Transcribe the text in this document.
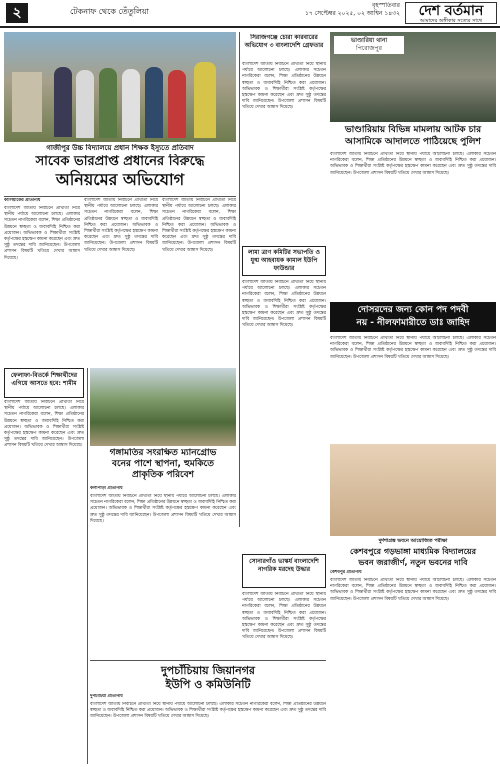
২	টেকনাফ থেকে তেঁতুলিয়া
বৃহস্পতিবার
১৭ সেপ্টেম্বর ২০২৫, ০২ আশ্বিন ১৪৩২	দেশ বর্তমান
আমাদের অঙ্গীকার সত্যের সাথে
গাজীপুর উচ্চ বিদ্যালয়ে প্রধান শিক্ষক ইস্যুতে প্রতিবাদ
সাবেক ভারপ্রাপ্ত প্রধানের বিরুদ্ধে
অনিয়মের অভিযোগ
কালিয়াকৈর প্রতিনিধি
বাংলাদেশ জাতীয় নির্বাচনে প্রার্থীতা নিয়ে স্থানীয় পর্যায়ে আলোচনা চলছে। এলাকার সচেতন নাগরিকেরা বলেন, শিক্ষা প্রতিষ্ঠানের উন্নয়নে স্বচ্ছতা ও জবাবদিহি নিশ্চিত করা প্রয়োজন। অভিভাবক ও শিক্ষার্থীরা সংশ্লিষ্ট কর্তৃপক্ষের হস্তক্ষেপ কামনা করেছেন এবং দ্রুত সুষ্ঠু তদন্তের দাবি জানিয়েছেন। উপজেলা প্রশাসন বিষয়টি খতিয়ে দেখার আশ্বাস দিয়েছে।
বাংলাদেশ জাতীয় নির্বাচনে প্রার্থীতা নিয়ে স্থানীয় পর্যায়ে আলোচনা চলছে। এলাকার সচেতন নাগরিকেরা বলেন, শিক্ষা প্রতিষ্ঠানের উন্নয়নে স্বচ্ছতা ও জবাবদিহি নিশ্চিত করা প্রয়োজন। অভিভাবক ও শিক্ষার্থীরা সংশ্লিষ্ট কর্তৃপক্ষের হস্তক্ষেপ কামনা করেছেন এবং দ্রুত সুষ্ঠু তদন্তের দাবি জানিয়েছেন। উপজেলা প্রশাসন বিষয়টি খতিয়ে দেখার আশ্বাস দিয়েছে।
বাংলাদেশ জাতীয় নির্বাচনে প্রার্থীতা নিয়ে স্থানীয় পর্যায়ে আলোচনা চলছে। এলাকার সচেতন নাগরিকেরা বলেন, শিক্ষা প্রতিষ্ঠানের উন্নয়নে স্বচ্ছতা ও জবাবদিহি নিশ্চিত করা প্রয়োজন। অভিভাবক ও শিক্ষার্থীরা সংশ্লিষ্ট কর্তৃপক্ষের হস্তক্ষেপ কামনা করেছেন এবং দ্রুত সুষ্ঠু তদন্তের দাবি জানিয়েছেন। উপজেলা প্রশাসন বিষয়টি খতিয়ে দেখার আশ্বাস দিয়েছে।
ফেলাফা-বিতর্কে শিক্ষার্থীদের এগিয়ে আসতে হবে: শামীম
বাংলাদেশ জাতীয় নির্বাচনে প্রার্থীতা নিয়ে স্থানীয় পর্যায়ে আলোচনা চলছে। এলাকার সচেতন নাগরিকেরা বলেন, শিক্ষা প্রতিষ্ঠানের উন্নয়নে স্বচ্ছতা ও জবাবদিহি নিশ্চিত করা প্রয়োজন। অভিভাবক ও শিক্ষার্থীরা সংশ্লিষ্ট কর্তৃপক্ষের হস্তক্ষেপ কামনা করেছেন এবং দ্রুত সুষ্ঠু তদন্তের দাবি জানিয়েছেন। উপজেলা প্রশাসন বিষয়টি খতিয়ে দেখার আশ্বাস দিয়েছে।
গঙ্গামতির সংরক্ষিত ম্যানগ্রোভ
বনের পাশে স্থাপনা, হুমকিতে
প্রাকৃতিক পরিবেশ
কলাপাড়া প্রতিনিধি
বাংলাদেশ জাতীয় নির্বাচনে প্রার্থীতা নিয়ে স্থানীয় পর্যায়ে আলোচনা চলছে। এলাকার সচেতন নাগরিকেরা বলেন, শিক্ষা প্রতিষ্ঠানের উন্নয়নে স্বচ্ছতা ও জবাবদিহি নিশ্চিত করা প্রয়োজন। অভিভাবক ও শিক্ষার্থীরা সংশ্লিষ্ট কর্তৃপক্ষের হস্তক্ষেপ কামনা করেছেন এবং দ্রুত সুষ্ঠু তদন্তের দাবি জানিয়েছেন। উপজেলা প্রশাসন বিষয়টি খতিয়ে দেখার আশ্বাস দিয়েছে।
সিরাজগঞ্জে চোরা কারবারের অভিযোগ ৩ বাংলাদেশি গ্রেফতার
বাংলাদেশ জাতীয় নির্বাচনে প্রার্থীতা নিয়ে স্থানীয় পর্যায়ে আলোচনা চলছে। এলাকার সচেতন নাগরিকেরা বলেন, শিক্ষা প্রতিষ্ঠানের উন্নয়নে স্বচ্ছতা ও জবাবদিহি নিশ্চিত করা প্রয়োজন। অভিভাবক ও শিক্ষার্থীরা সংশ্লিষ্ট কর্তৃপক্ষের হস্তক্ষেপ কামনা করেছেন এবং দ্রুত সুষ্ঠু তদন্তের দাবি জানিয়েছেন। উপজেলা প্রশাসন বিষয়টি খতিয়ে দেখার আশ্বাস দিয়েছে।
ভাণ্ডারিয়া থানা
পিরোজপুর
ভাণ্ডারিয়ায় বিভিন্ন মামলায় আটক চার
আসামিকে আদালতে পাঠিয়েছে পুলিশ
বাংলাদেশ জাতীয় নির্বাচনে প্রার্থীতা নিয়ে স্থানীয় পর্যায়ে আলোচনা চলছে। এলাকার সচেতন নাগরিকেরা বলেন, শিক্ষা প্রতিষ্ঠানের উন্নয়নে স্বচ্ছতা ও জবাবদিহি নিশ্চিত করা প্রয়োজন। অভিভাবক ও শিক্ষার্থীরা সংশ্লিষ্ট কর্তৃপক্ষের হস্তক্ষেপ কামনা করেছেন এবং দ্রুত সুষ্ঠু তদন্তের দাবি জানিয়েছেন। উপজেলা প্রশাসন বিষয়টি খতিয়ে দেখার আশ্বাস দিয়েছে।
লামা ত্রাণ কমিটির সভাপতি ও যুগ্ম আহবায়ক কামাল ইউপি ফাউন্ডার
বাংলাদেশ জাতীয় নির্বাচনে প্রার্থীতা নিয়ে স্থানীয় পর্যায়ে আলোচনা চলছে। এলাকার সচেতন নাগরিকেরা বলেন, শিক্ষা প্রতিষ্ঠানের উন্নয়নে স্বচ্ছতা ও জবাবদিহি নিশ্চিত করা প্রয়োজন। অভিভাবক ও শিক্ষার্থীরা সংশ্লিষ্ট কর্তৃপক্ষের হস্তক্ষেপ কামনা করেছেন এবং দ্রুত সুষ্ঠু তদন্তের দাবি জানিয়েছেন। উপজেলা প্রশাসন বিষয়টি খতিয়ে দেখার আশ্বাস দিয়েছে।
দোসরদের জন্য কোন পদ পদবী
নয় - নীলফামারীতে ডাঃ জাহিদ
বাংলাদেশ জাতীয় নির্বাচনে প্রার্থীতা নিয়ে স্থানীয় পর্যায়ে আলোচনা চলছে। এলাকার সচেতন নাগরিকেরা বলেন, শিক্ষা প্রতিষ্ঠানের উন্নয়নে স্বচ্ছতা ও জবাবদিহি নিশ্চিত করা প্রয়োজন। অভিভাবক ও শিক্ষার্থীরা সংশ্লিষ্ট কর্তৃপক্ষের হস্তক্ষেপ কামনা করেছেন এবং দ্রুত সুষ্ঠু তদন্তের দাবি জানিয়েছেন। উপজেলা প্রশাসন বিষয়টি খতিয়ে দেখার আশ্বাস দিয়েছে।
সোনারগাঁও ভাস্কর্য বাংলাদেশি নাগরিক মরদেহ উদ্ধার
বাংলাদেশ জাতীয় নির্বাচনে প্রার্থীতা নিয়ে স্থানীয় পর্যায়ে আলোচনা চলছে। এলাকার সচেতন নাগরিকেরা বলেন, শিক্ষা প্রতিষ্ঠানের উন্নয়নে স্বচ্ছতা ও জবাবদিহি নিশ্চিত করা প্রয়োজন। অভিভাবক ও শিক্ষার্থীরা সংশ্লিষ্ট কর্তৃপক্ষের হস্তক্ষেপ কামনা করেছেন এবং দ্রুত সুষ্ঠু তদন্তের দাবি জানিয়েছেন। উপজেলা প্রশাসন বিষয়টি খতিয়ে দেখার আশ্বাস দিয়েছে।
দুর্দশাগ্রস্ত ভবনে আয়োজিত পরীক্ষা
কেশবপুরে গড়ভাঙ্গা মাধ্যমিক বিদ্যালয়ের
ভবন জরাজীর্ণ, নতুন ভবনের দাবি
কেশবপুর প্রতিনিধি
বাংলাদেশ জাতীয় নির্বাচনে প্রার্থীতা নিয়ে স্থানীয় পর্যায়ে আলোচনা চলছে। এলাকার সচেতন নাগরিকেরা বলেন, শিক্ষা প্রতিষ্ঠানের উন্নয়নে স্বচ্ছতা ও জবাবদিহি নিশ্চিত করা প্রয়োজন। অভিভাবক ও শিক্ষার্থীরা সংশ্লিষ্ট কর্তৃপক্ষের হস্তক্ষেপ কামনা করেছেন এবং দ্রুত সুষ্ঠু তদন্তের দাবি জানিয়েছেন। উপজেলা প্রশাসন বিষয়টি খতিয়ে দেখার আশ্বাস দিয়েছে।
দুপচাঁচিয়ায় জিয়ানগর
ইউপি ও কমিউনিটি
দুপচাঁচিয়া প্রতিনিধি
বাংলাদেশ জাতীয় নির্বাচনে প্রার্থীতা নিয়ে স্থানীয় পর্যায়ে আলোচনা চলছে। এলাকার সচেতন নাগরিকেরা বলেন, শিক্ষা প্রতিষ্ঠানের উন্নয়নে স্বচ্ছতা ও জবাবদিহি নিশ্চিত করা প্রয়োজন। অভিভাবক ও শিক্ষার্থীরা সংশ্লিষ্ট কর্তৃপক্ষের হস্তক্ষেপ কামনা করেছেন এবং দ্রুত সুষ্ঠু তদন্তের দাবি জানিয়েছেন। উপজেলা প্রশাসন বিষয়টি খতিয়ে দেখার আশ্বাস দিয়েছে।
